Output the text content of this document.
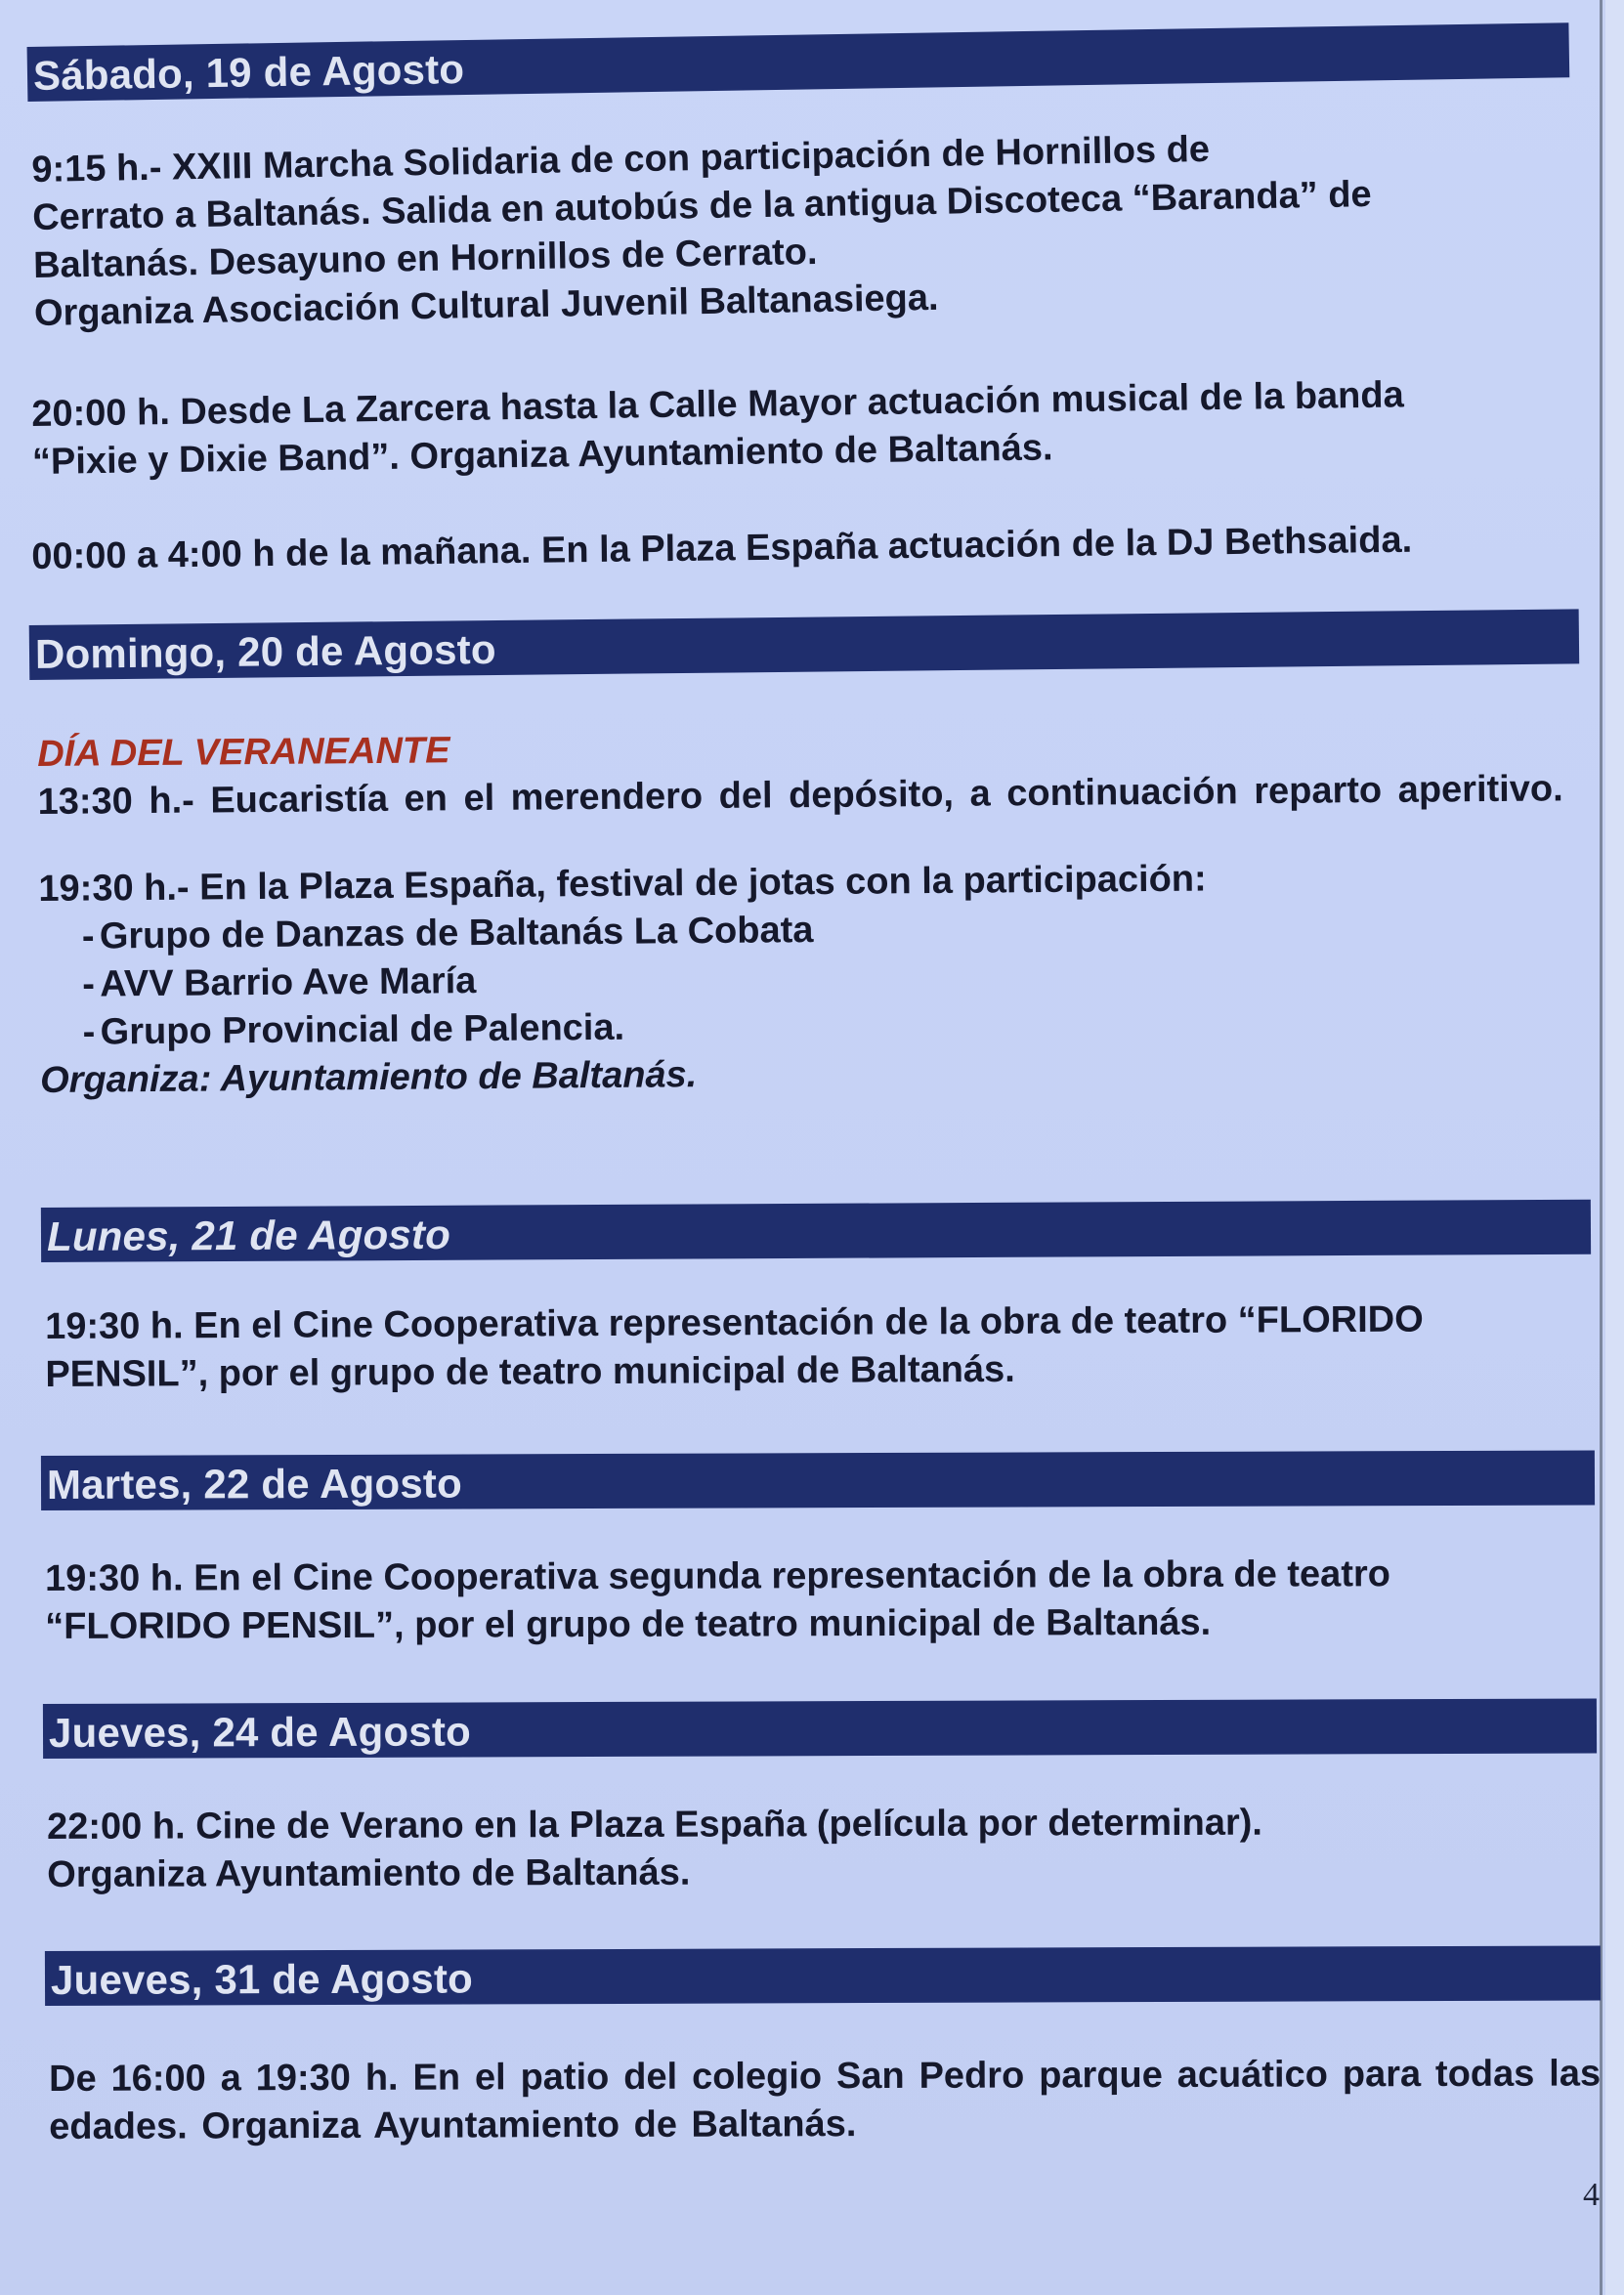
Sábado, 19 de Agosto
9:15 h.- XXIII Marcha Solidaria de con participación de Hornillos de
Cerrato a Baltanás. Salida en autobús de la antigua Discoteca “Baranda” de
Baltanás. Desayuno en Hornillos de Cerrato.
Organiza Asociación Cultural Juvenil Baltanasiega.
20:00 h. Desde La Zarcera hasta la Calle Mayor actuación musical de la banda
“Pixie y Dixie Band”. Organiza Ayuntamiento de Baltanás.
00:00 a 4:00 h de la mañana. En la Plaza España actuación de la DJ Bethsaida.
Domingo, 20 de Agosto
DÍA DEL VERANEANTE
13:30 h.- Eucaristía en el merendero del depósito, a continuación reparto aperitivo.
19:30 h.- En la Plaza España, festival de jotas con la participación:
- Grupo de Danzas de Baltanás La Cobata
- AVV Barrio Ave María
- Grupo Provincial de Palencia.
Organiza: Ayuntamiento de Baltanás.
Lunes, 21 de Agosto
19:30 h. En el Cine Cooperativa representación de la obra de teatro “FLORIDO
PENSIL”, por el grupo de teatro municipal de Baltanás.
Martes, 22 de Agosto
19:30 h. En el Cine Cooperativa segunda representación de la obra de teatro
“FLORIDO PENSIL”, por el grupo de teatro municipal de Baltanás.
Jueves, 24 de Agosto
22:00 h. Cine de Verano en la Plaza España (película por determinar).
Organiza Ayuntamiento de Baltanás.
Jueves, 31 de Agosto
De 16:00 a 19:30 h. En el patio del colegio San Pedro parque acuático para todas las edades. Organiza Ayuntamiento de Baltanás.
4
